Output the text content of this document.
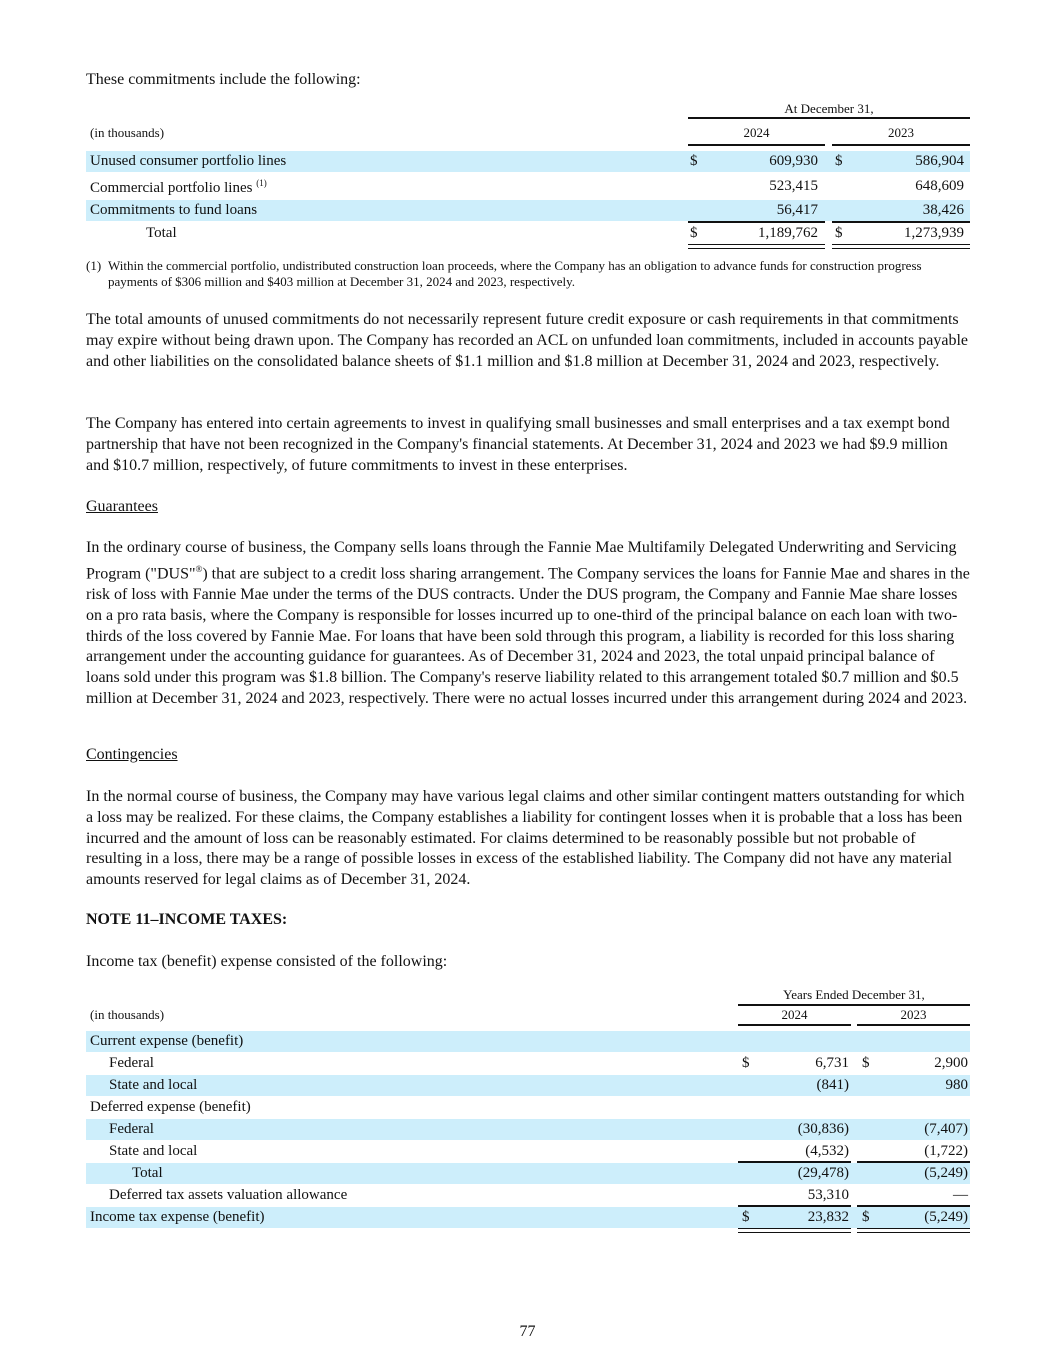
These commitments include the following:
At December 31,
(in thousands)	2024	2023
Unused consumer portfolio lines	$	609,930 $	586,904
Commercial portfolio lines $^{(1)}$	523,415	648,609
Commitments to fund loans	56,417	38,426
Total	$	1,189,762 $	1,273,939
(1) Within the commercial portfolio, undistributed construction loan proceeds, where the Company has an obligation to advance funds for construction progress payments of $306 million and $403 million at December 31, 2024 and 2023, respectively.
The total amounts of unused commitments do not necessarily represent future credit exposure or cash requirements in that commitments may expire without being drawn upon. The Company has recorded an ACL on unfunded loan commitments, included in accounts payable and other liabilities on the consolidated balance sheets of $1.1 million and $1.8 million at December 31, 2024 and 2023, respectively.
The Company has entered into certain agreements to invest in qualifying small businesses and small enterprises and a tax exempt bond partnership that have not been recognized in the Company's financial statements. At December 31, 2024 and 2023 we had $9.9 million and $10.7 million, respectively, of future commitments to invest in these enterprises.
Guarantees
In the ordinary course of business, the Company sells loans through the Fannie Mae Multifamily Delegated Underwriting and Servicing Program ("DUS"®) that are subject to a credit loss sharing arrangement. The Company services the loans for Fannie Mae and shares in the risk of loss with Fannie Mae under the terms of the DUS contracts. Under the DUS program, the Company and Fannie Mae share losses on a pro rata basis, where the Company is responsible for losses incurred up to one-third of the principal balance on each loan with two-thirds of the loss covered by Fannie Mae. For loans that have been sold through this program, a liability is recorded for this loss sharing arrangement under the accounting guidance for guarantees. As of December 31, 2024 and 2023, the total unpaid principal balance of loans sold under this program was $1.8 billion. The Company's reserve liability related to this arrangement totaled $0.7 million and $0.5 million at December 31, 2024 and 2023, respectively. There were no actual losses incurred under this arrangement during 2024 and 2023.
Contingencies
In the normal course of business, the Company may have various legal claims and other similar contingent matters outstanding for which a loss may be realized. For these claims, the Company establishes a liability for contingent losses when it is probable that a loss has been incurred and the amount of loss can be reasonably estimated. For claims determined to be reasonably possible but not probable of resulting in a loss, there may be a range of possible losses in excess of the established liability. The Company did not have any material amounts reserved for legal claims as of December 31, 2024.
NOTE 11–INCOME TAXES:
Income tax (benefit) expense consisted of the following:
Years Ended December 31,
(in thousands)	2024	2023
Current expense (benefit)
Federal	$	6,731 $	2,900
State and local	(841)	980
Deferred expense (benefit)
Federal	(30,836)	(7,407)
State and local	(4,532)	(1,722)
Total	(29,478)	(5,249)
Deferred tax assets valuation allowance	53,310	—
Income tax expense (benefit)	$	23,832 $	(5,249)
77
